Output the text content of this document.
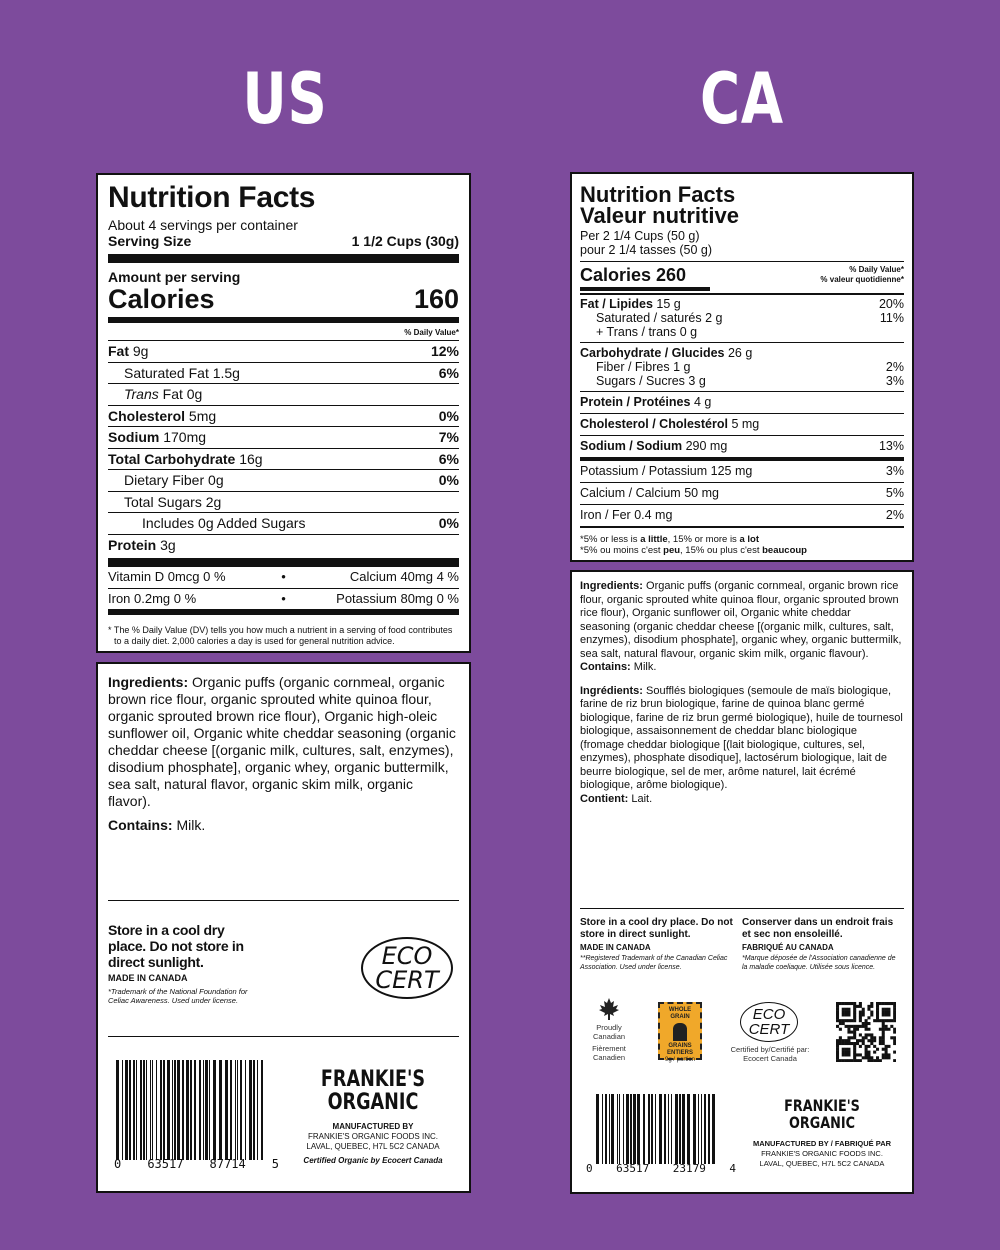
US	CA
Nutrition Facts
About 4 servings per container
Serving Size	1 1/2 Cups (30g)
Amount per serving
Calories	160
% Daily Value*
Fat 9g	12%
Saturated Fat 1.5g	6%
Trans Fat 0g
Cholesterol 5mg	0%
Sodium 170mg	7%
Total Carbohydrate 16g	6%
Dietary Fiber 0g	0%
Total Sugars 2g
Includes 0g Added Sugars	0%
Protein 3g
Vitamin D 0mcg 0 %	•	Calcium 40mg 4 %
Iron 0.2mg 0 %	•	Potassium 80mg 0 %
* The % Daily Value (DV) tells you how much a nutrient in a serving of food contributes to a daily diet. 2,000 calories a day is used for general nutrition advice.

Ingredients: Organic puffs (organic cornmeal, organic brown rice flour, organic sprouted white quinoa flour, organic sprouted brown rice flour), Organic high-oleic sunflower oil, Organic white cheddar seasoning (organic cheddar cheese [(organic milk, cultures, salt, enzymes), disodium phosphate], organic whey, organic buttermilk, sea salt, natural flavor, organic skim milk, organic flavor).

Contains: Milk.

Store in a cool dry place. Do not store in direct sunlight.
MADE IN CANADA
*Trademark of the National Foundation for Celiac Awareness. Used under license.
ECO
CERT
0 63517 87714 5
FRANKIE'S
ORGANIC
MANUFACTURED BY
FRANKIE'S ORGANIC FOODS INC.
LAVAL, QUEBEC, H7L 5C2 CANADA
Certified Organic by Ecocert Canada
Nutrition Facts
Valeur nutritive
Per 2 1/4 Cups (50 g)
pour 2 1/4 tasses (50 g)
Calories 260	% Daily Value*
% valeur quotidienne*
Fat / Lipides 15 g	20%
Saturated / saturés 2 g	11%
+ Trans / trans 0 g
Carbohydrate / Glucides 26 g
Fiber / Fibres 1 g	2%
Sugars / Sucres 3 g	3%
Protein / Protéines 4 g
Cholesterol / Cholestérol 5 mg
Sodium / Sodium 290 mg	13%
Potassium / Potassium 125 mg	3%
Calcium / Calcium 50 mg	5%
Iron / Fer 0.4 mg	2%
*5% or less is a little, 15% or more is a lot
*5% ou moins c'est peu, 15% ou plus c'est beaucoup

Ingredients: Organic puffs (organic cornmeal, organic brown rice flour, organic sprouted white quinoa flour, organic sprouted brown rice flour), Organic sunflower oil, Organic white cheddar seasoning (organic cheddar cheese [(organic milk, cultures, salt, enzymes), disodium phosphate], organic whey, organic buttermilk, sea salt, natural flavour, organic skim milk, organic flavour).

Contains: Milk.

Ingrédients: Soufflés biologiques (semoule de maïs biologique, farine de riz brun biologique, farine de quinoa blanc germé biologique, farine de riz brun germé biologique), huile de tournesol biologique, assaisonnement de cheddar blanc biologique (fromage cheddar biologique [(lait biologique, cultures, sel, enzymes), phosphate disodique], lactosérum biologique, lait de beurre biologique, sel de mer, arôme naturel, lait écrémé biologique, arôme biologique).

Contient: Lait.

Store in a cool dry place. Do not store in direct sunlight.
MADE IN CANADA
**Registered Trademark of the Canadian Celiac Association. Used under license.
Conserver dans un endroit frais et sec non ensoleillé.
FABRIQUÉ AU CANADA
*Marque déposée de l'Association canadienne de la maladie coeliaque. Utilisée sous licence.
Proudly
Canadian
Fièrement
Canadien
WHOLE
GRAIN
GRAINS
ENTIERS
9g / portion
ECO
CERT
Certified by/Certifié par:
Ecocert Canada
0 63517 23179 4
FRANKIE'S
ORGANIC
MANUFACTURED BY / FABRIQUÉ PAR
FRANKIE'S ORGANIC FOODS INC.
LAVAL, QUEBEC, H7L 5C2 CANADA
